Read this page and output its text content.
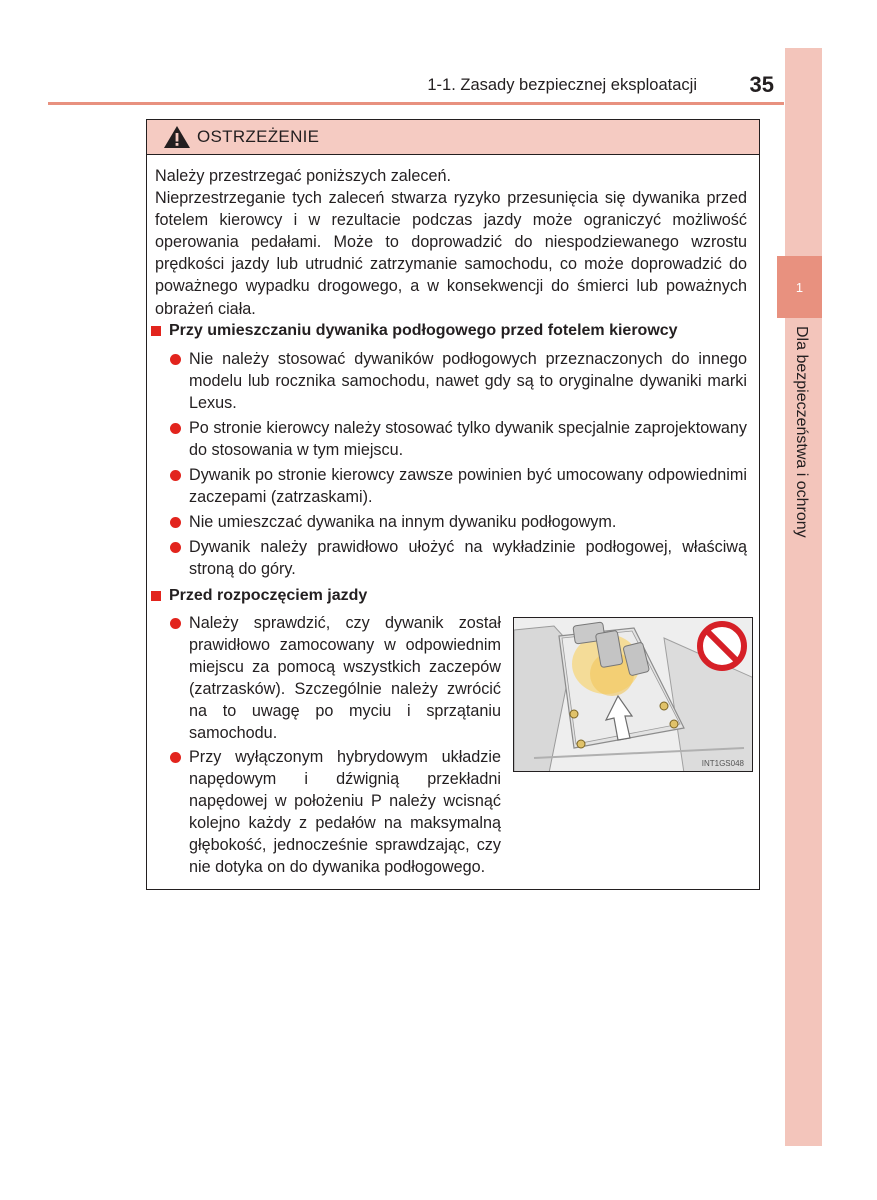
1-1. Zasady bezpiecznej eksploatacji	35
1
Dla bezpieczeństwa i ochrony
OSTRZEŻENIE

Należy przestrzegać poniższych zaleceń.

Nieprzestrzeganie tych zaleceń stwarza ryzyko przesunięcia się dywanika przed fotelem kierowcy i w rezultacie podczas jazdy może ograniczyć możliwość operowania pedałami. Może to doprowadzić do niespodziewanego wzrostu prędkości jazdy lub utrudnić zatrzymanie samochodu, co może doprowadzić do poważnego wypadku drogowego, a w konsekwencji do śmierci lub poważnych obrażeń ciała.

Przy umieszczaniu dywanika podłogowego przed fotelem kierowcy
Nie należy stosować dywaników podłogowych przeznaczonych do innego modelu lub rocznika samochodu, nawet gdy są to oryginalne dywaniki marki Lexus.
Po stronie kierowcy należy stosować tylko dywanik specjalnie zaprojektowany do stosowania w tym miejscu.
Dywanik po stronie kierowcy zawsze powinien być umocowany odpowiednimi zaczepami (zatrzaskami).
Nie umieszczać dywanika na innym dywaniku podłogowym.
Dywanik należy prawidłowo ułożyć na wykładzinie podłogowej, właściwą stroną do góry.
Przed rozpoczęciem jazdy
Należy sprawdzić, czy dywanik został prawidłowo zamocowany w odpowiednim miejscu za pomocą wszystkich zaczepów (zatrzasków). Szczególnie należy zwrócić na to uwagę po myciu i sprzątaniu samochodu.
Przy wyłączonym hybrydowym układzie napędowym i dźwignią przekładni napędowej w położeniu P należy wcisnąć kolejno każdy z pedałów na maksymalną głębokość, jednocześnie sprawdzając, czy nie dotyka on do dywanika podłogowego.
INT1GS048
